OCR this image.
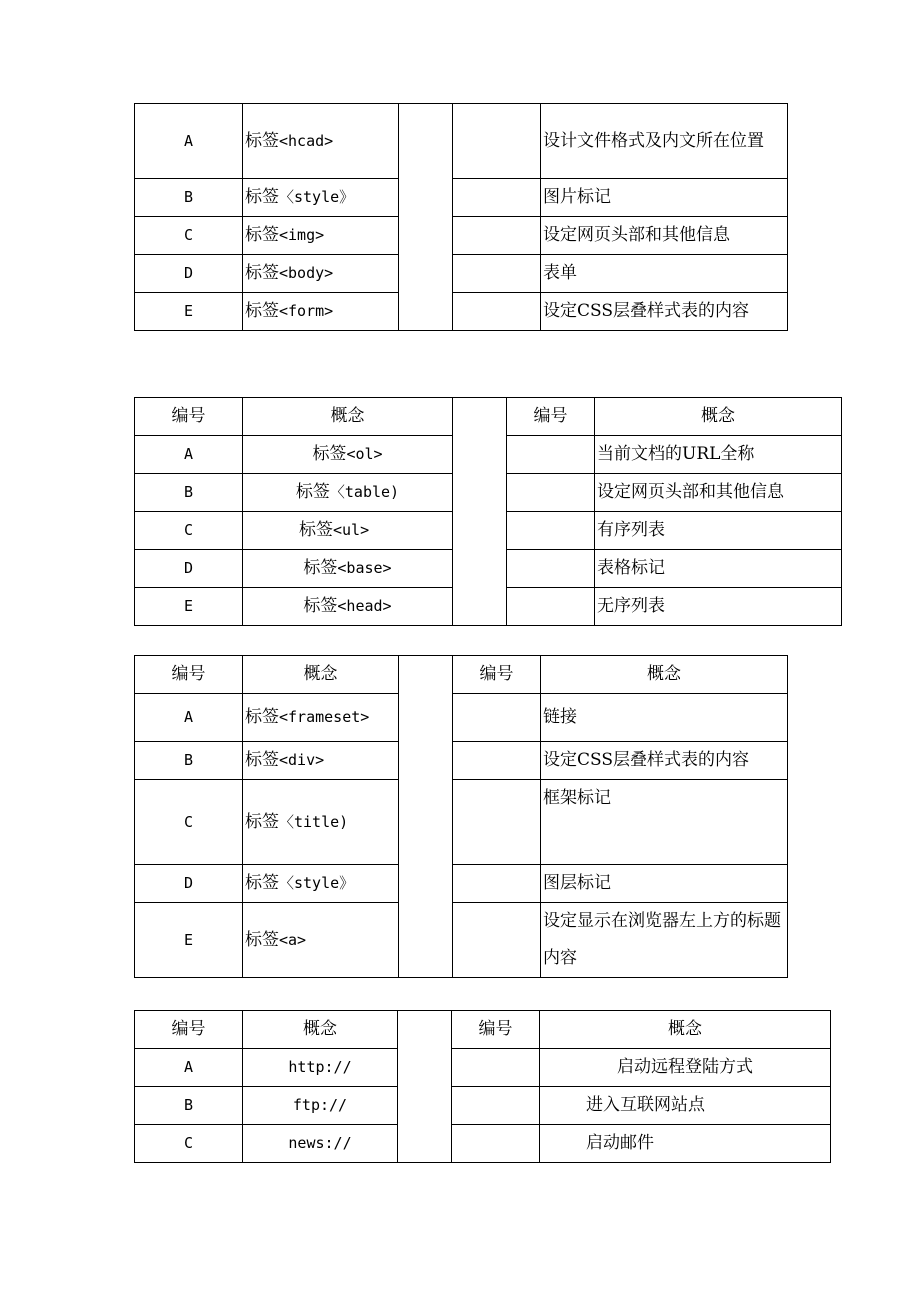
A	标签<hcad>			设计文件格式及内文所在位置
B	标签〈style》			图片标记
C	标签<img>			设定网页头部和其他信息
D	标签<body>			表单
E	标签<form>			设定CSS层叠样式表的内容
编号	概念		编号	概念
A	标签<ol>			当前文档的URL全称
B	标签〈table)			设定网页头部和其他信息
C	标签<ul>			有序列表
D	标签<base>			表格标记
E	标签<head>			无序列表
编号	概念		编号	概念
A	标签<frameset>			链接
B	标签<div>			设定CSS层叠样式表的内容
C	标签〈title)			框架标记
D	标签〈style》			图层标记
E	标签<a>			设定显示在浏览器左上方的标题内容
编号	概念		编号	概念
A	http://			启动远程登陆方式
B	ftp://			进入互联网站点
C	news://			启动邮件
